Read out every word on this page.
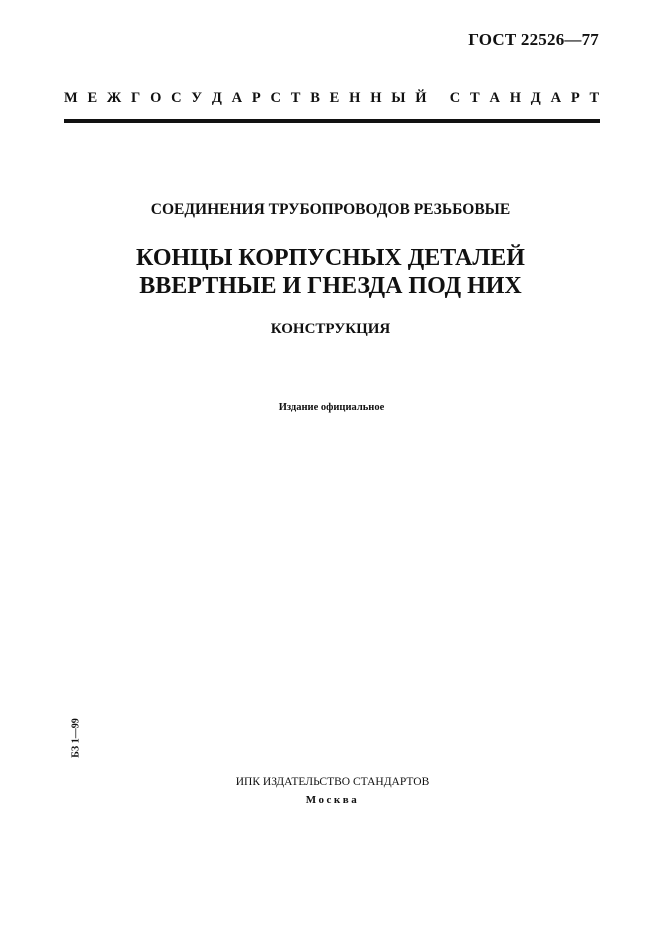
ГОСТ 22526—77
М Е Ж Г О С У Д А Р С Т В Е Н Н Ы Й
С Т А Н Д А Р Т
СОЕДИНЕНИЯ ТРУБОПРОВОДОВ РЕЗЬБОВЫЕ
КОНЦЫ КОРПУСНЫХ ДЕТАЛЕЙ
ВВЕРТНЫЕ И ГНЕЗДА ПОД НИХ
КОНСТРУКЦИЯ
Издание официальное
БЗ 1—99
ИПК ИЗДАТЕЛЬСТВО СТАНДАРТОВ
Москва
